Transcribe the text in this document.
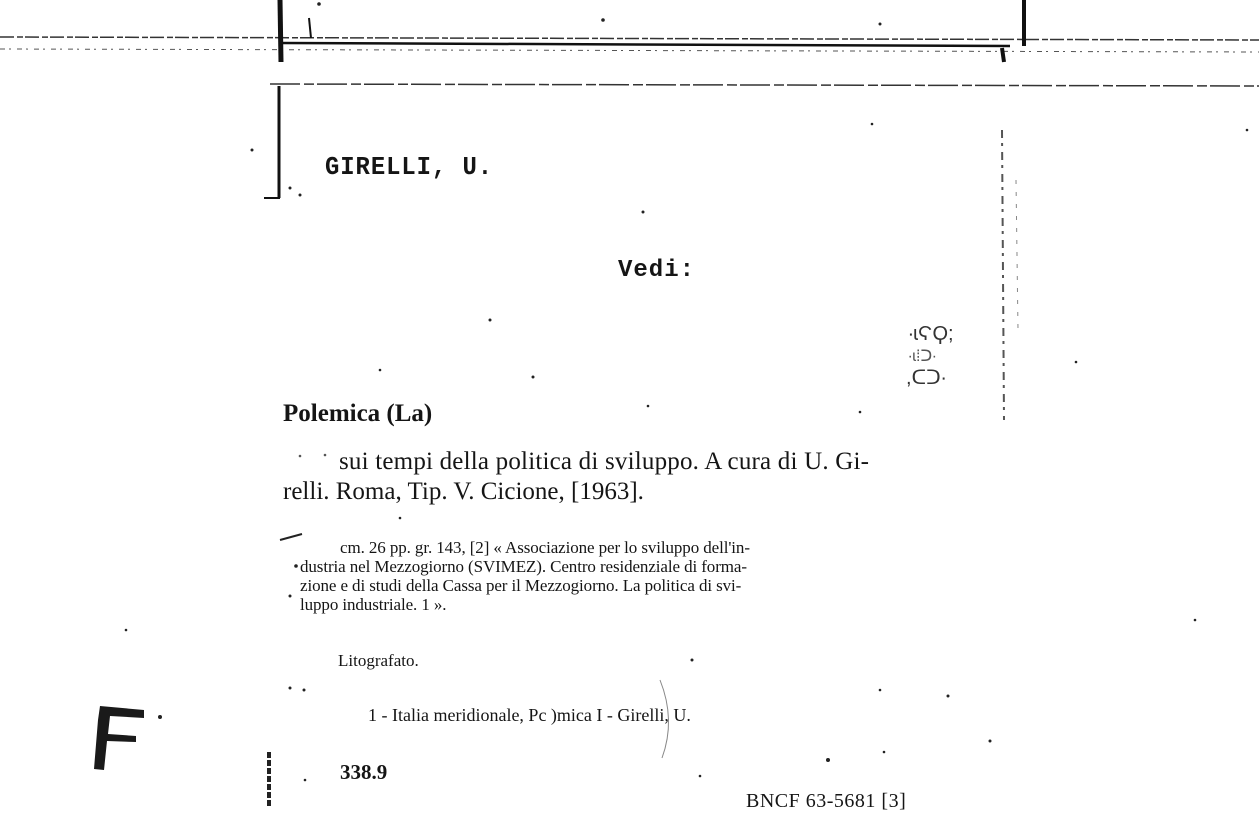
∙ɩϚϘ;
∙ɩ⁞ᑐ∙
,ᑕᑐ∙
GIRELLI, U.
Vedi:
Polemica (La)
sui tempi della politica di sviluppo. A cura di U. Gi-
relli. Roma, Tip. V. Cicione, [1963].
cm. 26 pp. gr. 143, [2] « Associazione per lo sviluppo dell'in-
dustria nel Mezzogiorno (SVIMEZ). Centro residenziale di forma-
zione e di studi della Cassa per il Mezzogiorno. La politica di svi-
luppo industriale. 1 ».
Litografato.
1 - Italia meridionale, Pc )mica I - Girelli, U.
338.9
BNCF 63-5681 [3]
